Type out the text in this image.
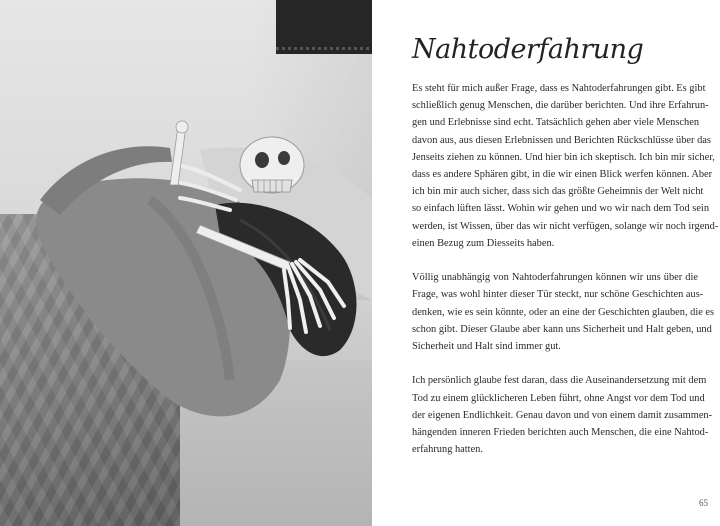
Nahtoderfahrung

Es steht für mich außer Frage, dass es Nahtoderfahrungen gibt. Es gibt
schließlich genug Menschen, die darüber berichten. Und ihre Erfahrun-
gen und Erlebnisse sind echt. Tatsächlich gehen aber viele Menschen
davon aus, aus diesen Erlebnissen und Berichten Rückschlüsse über das
Jenseits ziehen zu können. Und hier bin ich skeptisch. Ich bin mir sicher,
dass es andere Sphären gibt, in die wir einen Blick werfen können. Aber
ich bin mir auch sicher, dass sich das größte Geheimnis der Welt nicht
so einfach lüften lässt. Wohin wir gehen und wo wir nach dem Tod sein
werden, ist Wissen, über das wir nicht verfügen, solange wir noch irgend-
einen Bezug zum Diesseits haben.

Völlig unabhängig von Nahtoderfahrungen können wir uns über die
Frage, was wohl hinter dieser Tür steckt, nur schöne Geschichten aus-
denken, wie es sein könnte, oder an eine der Geschichten glauben, die es
schon gibt. Dieser Glaube aber kann uns Sicherheit und Halt geben, und
Sicherheit und Halt sind immer gut.

Ich persönlich glaube fest daran, dass die Auseinandersetzung mit dem
Tod zu einem glücklicheren Leben führt, ohne Angst vor dem Tod und
der eigenen Endlichkeit. Genau davon und von einem damit zusammen-
hängenden inneren Frieden berichten auch Menschen, die eine Nahtod-
erfahrung hatten.

65
